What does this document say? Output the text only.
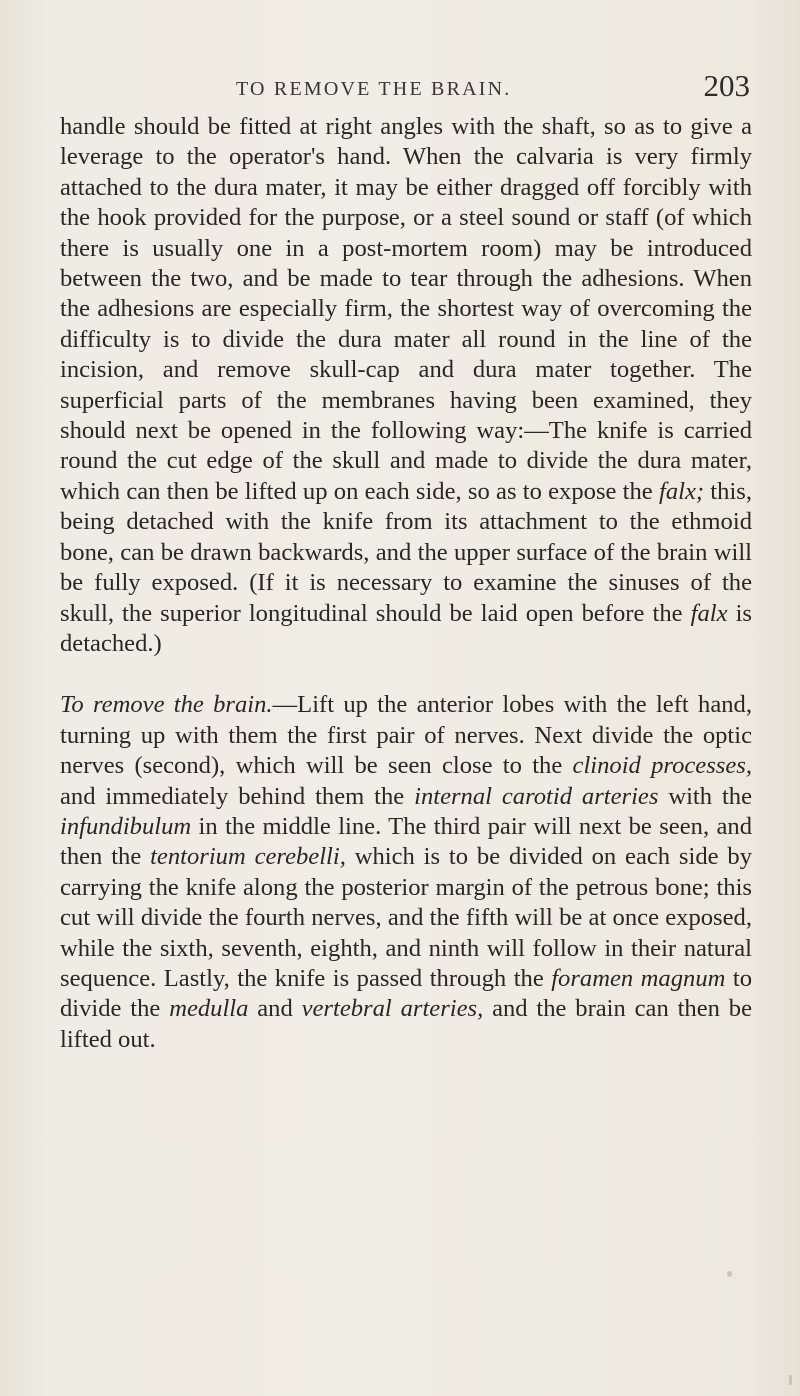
TO REMOVE THE BRAIN.	203

handle should be fitted at right angles with the shaft, so as to give a leverage to the operator's hand. When the calvaria is very firmly attached to the dura mater, it may be either dragged off forcibly with the hook provided for the purpose, or a steel sound or staff (of which there is usually one in a post-mortem room) may be introduced between the two, and be made to tear through the adhesions. When the adhesions are especially firm, the shortest way of overcoming the difficulty is to divide the dura mater all round in the line of the incision, and remove skull-cap and dura mater together. The superficial parts of the membranes having been examined, they should next be opened in the following way:—The knife is carried round the cut edge of the skull and made to divide the dura mater, which can then be lifted up on each side, so as to expose the falx; this, being detached with the knife from its attachment to the ethmoid bone, can be drawn backwards, and the upper surface of the brain will be fully exposed. (If it is necessary to examine the sinuses of the skull, the superior longitudinal should be laid open before the falx is detached.)

To remove the brain.—Lift up the anterior lobes with the left hand, turning up with them the first pair of nerves. Next divide the optic nerves (second), which will be seen close to the clinoid processes, and immediately behind them the internal carotid arteries with the infundibulum in the middle line. The third pair will next be seen, and then the tentorium cerebelli, which is to be divided on each side by carrying the knife along the posterior margin of the petrous bone; this cut will divide the fourth nerves, and the fifth will be at once exposed, while the sixth, seventh, eighth, and ninth will follow in their natural sequence. Lastly, the knife is passed through the foramen magnum to divide the medulla and vertebral arteries, and the brain can then be lifted out.
